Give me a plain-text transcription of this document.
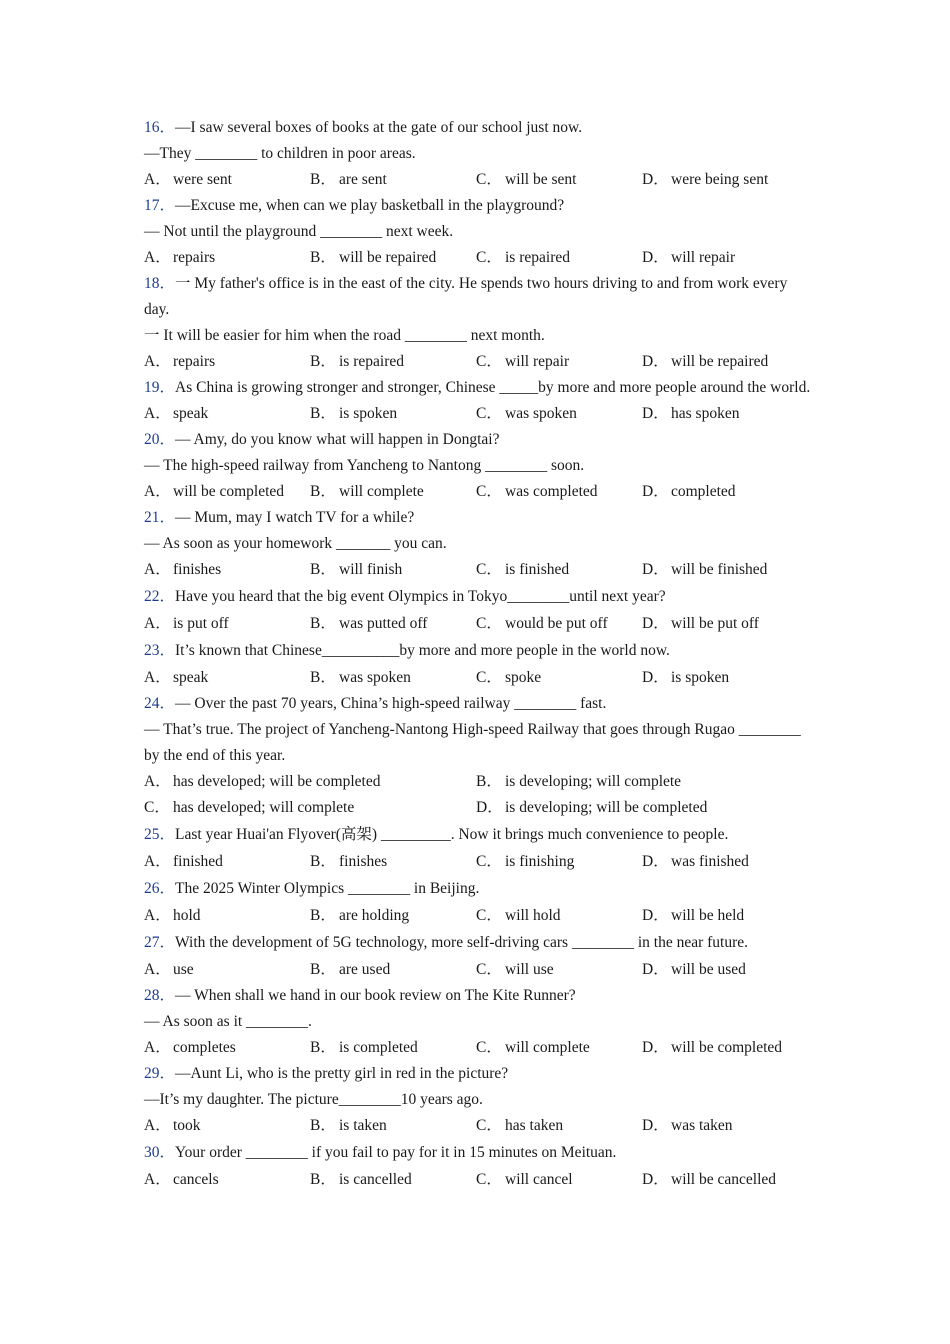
16．—I saw several boxes of books at the gate of our school just now.
—They ________ to children in poor areas.
A． were sent	B． are sent	C． will be sent	D． were being sent
17．—Excuse me, when can we play basketball in the playground?
— Not until the playground ________ next week.
A． repairs	B． will be repaired	C． is repaired	D． will repair
18．一 My father's office is in the east of the city. He spends two hours driving to and from work every day.
一 It will be easier for him when the road ________ next month.
A． repairs	B． is repaired	C． will repair	D． will be repaired
19．As China is growing stronger and stronger, Chinese _____by more and more people around the world.
A． speak	B． is spoken	C． was spoken	D． has spoken
20．— Amy, do you know what will happen in Dongtai?
— The high-speed railway from Yancheng to Nantong ________ soon.
A． will be completed	B． will complete	C． was completed	D． completed
21．— Mum, may I watch TV for a while?
— As soon as your homework _______ you can.
A． finishes	B． will finish	C． is finished	D． will be finished
22．Have you heard that the big event Olympics in Tokyo________until next year?
A． is put off	B． was putted off	C． would be put off	D． will be put off
23．It’s known that Chinese__________by more and more people in the world now.
A． speak	B． was spoken	C． spoke	D． is spoken
24．— Over the past 70 years, China’s high-speed railway ________ fast.
— That’s true. The project of Yancheng-Nantong High-speed Railway that goes through Rugao ________ by the end of this year.
A． has developed; will be completed	B． is developing; will complete
C． has developed; will complete	D． is developing; will be completed
25．Last year Huai'an Flyover(高架) _________. Now it brings much convenience to people.
A． finished	B． finishes	C． is finishing	D． was finished
26．The 2025 Winter Olympics ________ in Beijing.
A． hold	B． are holding	C． will hold	D． will be held
27．With the development of 5G technology, more self-driving cars ________ in the near future.
A． use	B． are used	C． will use	D． will be used
28．— When shall we hand in our book review on The Kite Runner?
— As soon as it ________.
A． completes	B． is completed	C． will complete	D． will be completed
29．—Aunt Li, who is the pretty girl in red in the picture?
—It’s my daughter. The picture________10 years ago.
A． took	B． is taken	C． has taken	D． was taken
30．Your order ________ if you fail to pay for it in 15 minutes on Meituan.
A． cancels	B． is cancelled	C． will cancel	D． will be cancelled
